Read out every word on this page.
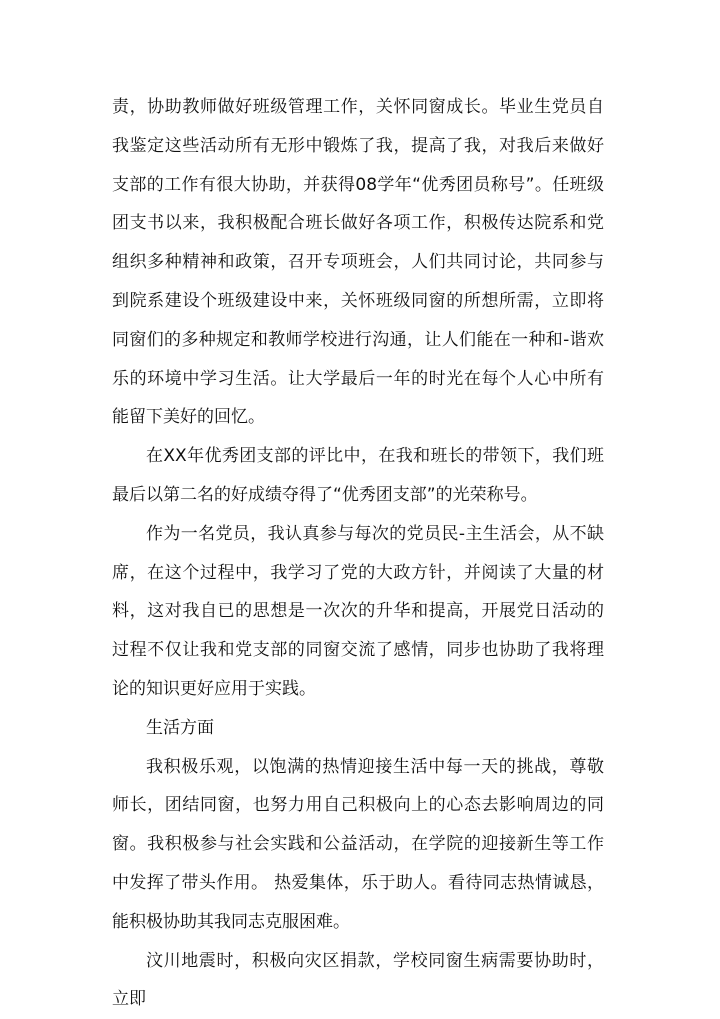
责，协助教师做好班级管理工作，关怀同窗成长。毕业生党员自我鉴定这些活动所有无形中锻炼了我，提高了我，对我后来做好支部的工作有很大协助，并获得08学年“优秀团员称号”。任班级团支书以来，我积极配合班长做好各项工作，积极传达院系和党组织多种精神和政策，召开专项班会，人们共同讨论，共同参与到院系建设个班级建设中来，关怀班级同窗的所想所需，立即将同窗们的多种规定和教师学校进行沟通，让人们能在一种和-谐欢乐的环境中学习生活。让大学最后一年的时光在每个人心中所有能留下美好的回忆。

在XX年优秀团支部的评比中，在我和班长的带领下，我们班最后以第二名的好成绩夺得了“优秀团支部”的光荣称号。

作为一名党员，我认真参与每次的党员民-主生活会，从不缺席，在这个过程中，我学习了党的大政方针，并阅读了大量的材料，这对我自已的思想是一次次的升华和提高，开展党日活动的过程不仅让我和党支部的同窗交流了感情，同步也协助了我将理论的知识更好应用于实践。

生活方面

我积极乐观，以饱满的热情迎接生活中每一天的挑战，尊敬师长，团结同窗，也努力用自己积极向上的心态去影响周边的同窗。我积极参与社会实践和公益活动，在学院的迎接新生等工作中发挥了带头作用。 热爱集体，乐于助人。看待同志热情诚恳，能积极协助其我同志克服困难。

汶川地震时，积极向灾区捐款，学校同窗生病需要协助时，立即
